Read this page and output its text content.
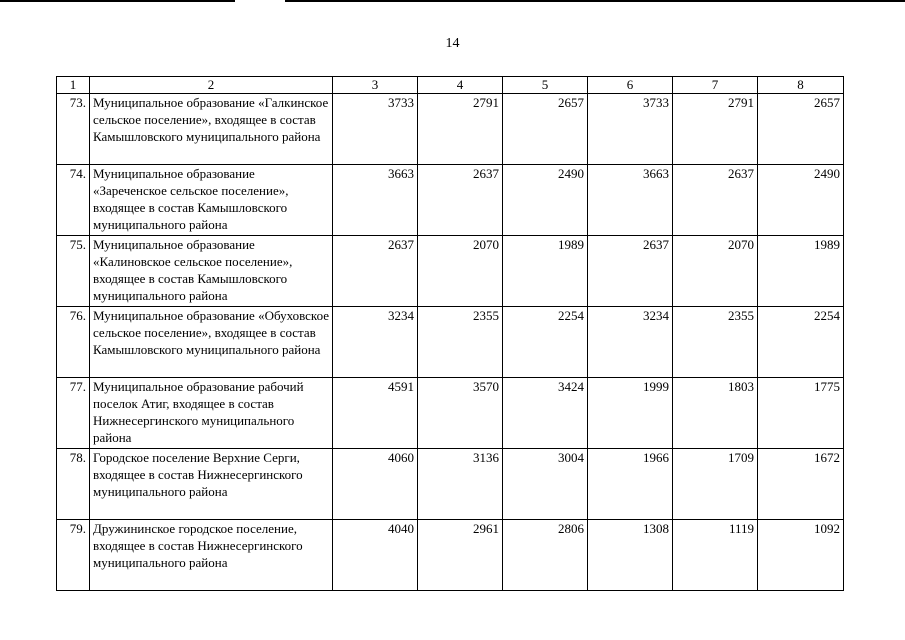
14
1	2	3	4	5	6	7	8
73.	Муниципальное образование «Галкинское сельское поселение», входящее в состав Камышловского муниципального района	3733	2791	2657	3733	2791	2657
74.	Муниципальное образование «Зареченское сельское поселение», входящее в состав Камышловского муниципального района	3663	2637	2490	3663	2637	2490
75.	Муниципальное образование «Калиновское сельское поселение», входящее в состав Камышловского муниципального района	2637	2070	1989	2637	2070	1989
76.	Муниципальное образование «Обуховское сельское поселение», входящее в состав Камышловского муниципального района	3234	2355	2254	3234	2355	2254
77.	Муниципальное образование рабочий поселок Атиг, входящее в состав Нижнесергинского муниципального района	4591	3570	3424	1999	1803	1775
78.	Городское поселение Верхние Серги, входящее в состав Нижнесергинского муниципального района	4060	3136	3004	1966	1709	1672
79.	Дружининское городское поселение, входящее в состав Нижнесергинского муниципального района	4040	2961	2806	1308	1119	1092
